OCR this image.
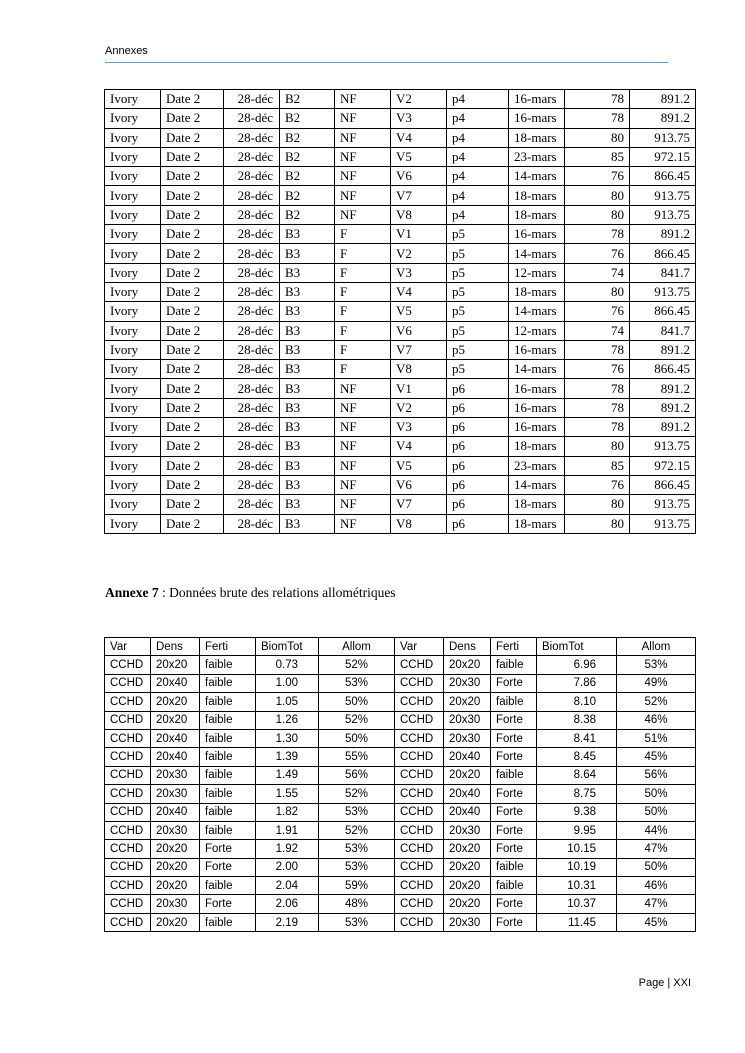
Annexes
Ivory	Date 2	28-déc	B2	NF	V2	p4	16-mars	78	891.2
Ivory	Date 2	28-déc	B2	NF	V3	p4	16-mars	78	891.2
Ivory	Date 2	28-déc	B2	NF	V4	p4	18-mars	80	913.75
Ivory	Date 2	28-déc	B2	NF	V5	p4	23-mars	85	972.15
Ivory	Date 2	28-déc	B2	NF	V6	p4	14-mars	76	866.45
Ivory	Date 2	28-déc	B2	NF	V7	p4	18-mars	80	913.75
Ivory	Date 2	28-déc	B2	NF	V8	p4	18-mars	80	913.75
Ivory	Date 2	28-déc	B3	F	V1	p5	16-mars	78	891.2
Ivory	Date 2	28-déc	B3	F	V2	p5	14-mars	76	866.45
Ivory	Date 2	28-déc	B3	F	V3	p5	12-mars	74	841.7
Ivory	Date 2	28-déc	B3	F	V4	p5	18-mars	80	913.75
Ivory	Date 2	28-déc	B3	F	V5	p5	14-mars	76	866.45
Ivory	Date 2	28-déc	B3	F	V6	p5	12-mars	74	841.7
Ivory	Date 2	28-déc	B3	F	V7	p5	16-mars	78	891.2
Ivory	Date 2	28-déc	B3	F	V8	p5	14-mars	76	866.45
Ivory	Date 2	28-déc	B3	NF	V1	p6	16-mars	78	891.2
Ivory	Date 2	28-déc	B3	NF	V2	p6	16-mars	78	891.2
Ivory	Date 2	28-déc	B3	NF	V3	p6	16-mars	78	891.2
Ivory	Date 2	28-déc	B3	NF	V4	p6	18-mars	80	913.75
Ivory	Date 2	28-déc	B3	NF	V5	p6	23-mars	85	972.15
Ivory	Date 2	28-déc	B3	NF	V6	p6	14-mars	76	866.45
Ivory	Date 2	28-déc	B3	NF	V7	p6	18-mars	80	913.75
Ivory	Date 2	28-déc	B3	NF	V8	p6	18-mars	80	913.75
Annexe 7 : Données brute des relations allométriques
Var	Dens	Ferti	BiomTot	Allom	Var	Dens	Ferti	BiomTot	Allom
CCHD	20x20	faible	0.73	52%	CCHD	20x20	faible	6.96	53%
CCHD	20x40	faible	1.00	53%	CCHD	20x30	Forte	7.86	49%
CCHD	20x20	faible	1.05	50%	CCHD	20x20	faible	8.10	52%
CCHD	20x20	faible	1.26	52%	CCHD	20x30	Forte	8.38	46%
CCHD	20x40	faible	1.30	50%	CCHD	20x30	Forte	8.41	51%
CCHD	20x40	faible	1.39	55%	CCHD	20x40	Forte	8.45	45%
CCHD	20x30	faible	1.49	56%	CCHD	20x20	faible	8.64	56%
CCHD	20x30	faible	1.55	52%	CCHD	20x40	Forte	8.75	50%
CCHD	20x40	faible	1.82	53%	CCHD	20x40	Forte	9.38	50%
CCHD	20x30	faible	1.91	52%	CCHD	20x30	Forte	9.95	44%
CCHD	20x20	Forte	1.92	53%	CCHD	20x20	Forte	10.15	47%
CCHD	20x20	Forte	2.00	53%	CCHD	20x20	faible	10.19	50%
CCHD	20x20	faible	2.04	59%	CCHD	20x20	faible	10.31	46%
CCHD	20x30	Forte	2.06	48%	CCHD	20x20	Forte	10.37	47%
CCHD	20x20	faible	2.19	53%	CCHD	20x30	Forte	11.45	45%
Page | XXI
